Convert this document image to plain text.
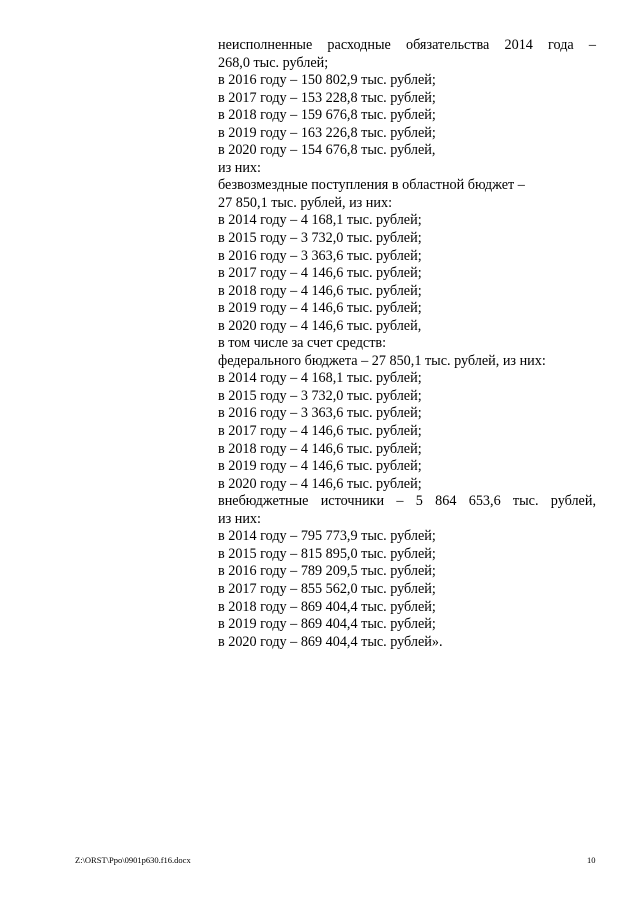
неисполненные расходные обязательства 2014 года –
268,0 тыс. рублей;
в 2016 году – 150 802,9 тыс. рублей;
в 2017 году – 153 228,8 тыс. рублей;
в 2018 году – 159 676,8 тыс. рублей;
в 2019 году – 163 226,8 тыс. рублей;
в 2020 году – 154 676,8 тыс. рублей,
из них:
безвозмездные поступления в областной бюджет –
27 850,1 тыс. рублей, из них:
в 2014 году – 4 168,1 тыс. рублей;
в 2015 году – 3 732,0 тыс. рублей;
в 2016 году – 3 363,6 тыс. рублей;
в 2017 году – 4 146,6 тыс. рублей;
в 2018 году – 4 146,6 тыс. рублей;
в 2019 году – 4 146,6 тыс. рублей;
в 2020 году – 4 146,6 тыс. рублей,
в том числе за счет средств:
федерального бюджета – 27 850,1 тыс. рублей, из них:
в 2014 году – 4 168,1 тыс. рублей;
в 2015 году – 3 732,0 тыс. рублей;
в 2016 году – 3 363,6 тыс. рублей;
в 2017 году – 4 146,6 тыс. рублей;
в 2018 году – 4 146,6 тыс. рублей;
в 2019 году – 4 146,6 тыс. рублей;
в 2020 году – 4 146,6 тыс. рублей;
внебюджетные источники – 5 864 653,6 тыс. рублей,
из них:
в 2014 году – 795 773,9 тыс. рублей;
в 2015 году – 815 895,0 тыс. рублей;
в 2016 году – 789 209,5 тыс. рублей;
в 2017 году – 855 562,0 тыс. рублей;
в 2018 году – 869 404,4 тыс. рублей;
в 2019 году – 869 404,4 тыс. рублей;
в 2020 году – 869 404,4 тыс. рублей».
Z:\ORST\Ppo\0901p630.f16.docx	10
